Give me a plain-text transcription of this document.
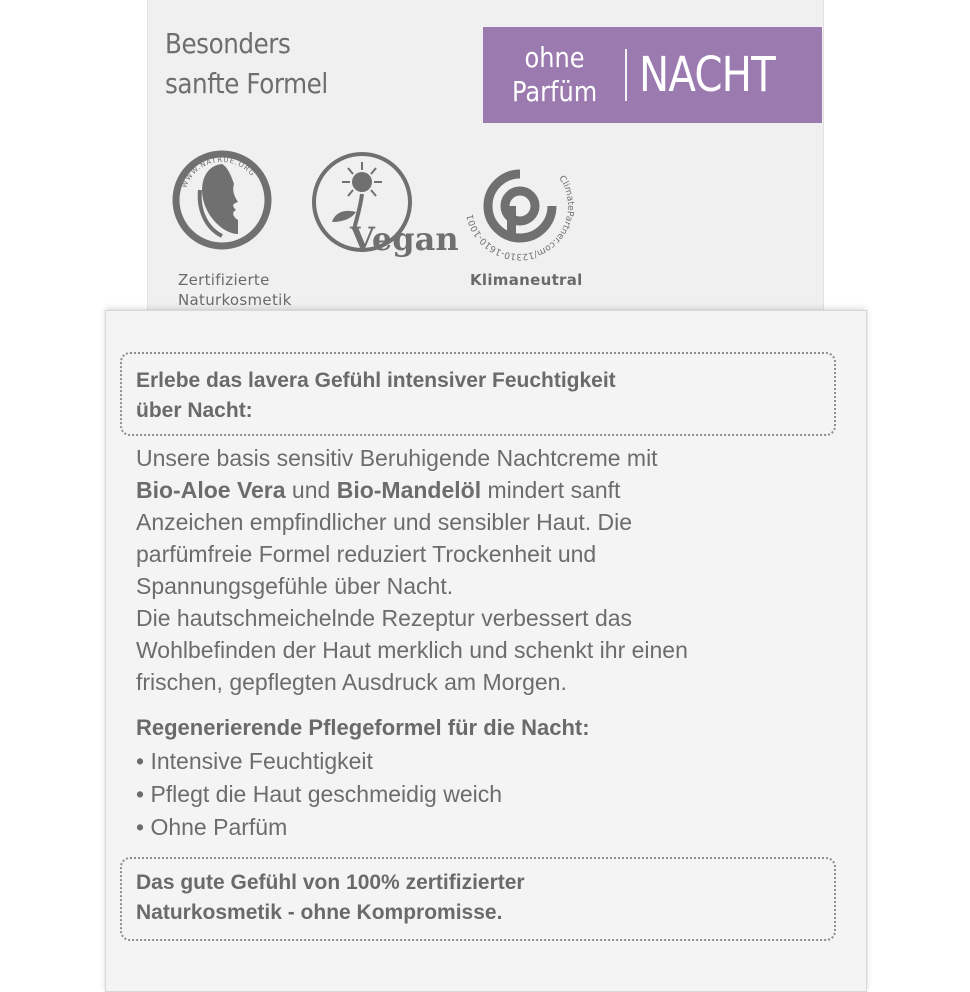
Besonders
sanfte Formel

ohne
Parfüm NACHT
WWW.NATRUE.ORG
Zertifizierte
Naturkosmetik
Vegan
ClimatePartner.com/12310-1610-1001
Klimaneutral

Erlebe das lavera Gefühl intensiver Feuchtigkeit
über Nacht:

Unsere basis sensitiv Beruhigende Nachtcreme mit
Bio-Aloe Vera und Bio-Mandelöl mindert sanft
Anzeichen empfindlicher und sensibler Haut. Die
parfümfreie Formel reduziert Trockenheit und
Spannungsgefühle über Nacht.
Die hautschmeichelnde Rezeptur verbessert das
Wohlbefinden der Haut merklich und schenkt ihr einen
frischen, gepflegten Ausdruck am Morgen.

Regenerierende Pflegeformel für die Nacht:

• Intensive Feuchtigkeit
• Pflegt die Haut geschmeidig weich
• Ohne Parfüm

Das gute Gefühl von 100% zertifizierter
Naturkosmetik - ohne Kompromisse.
